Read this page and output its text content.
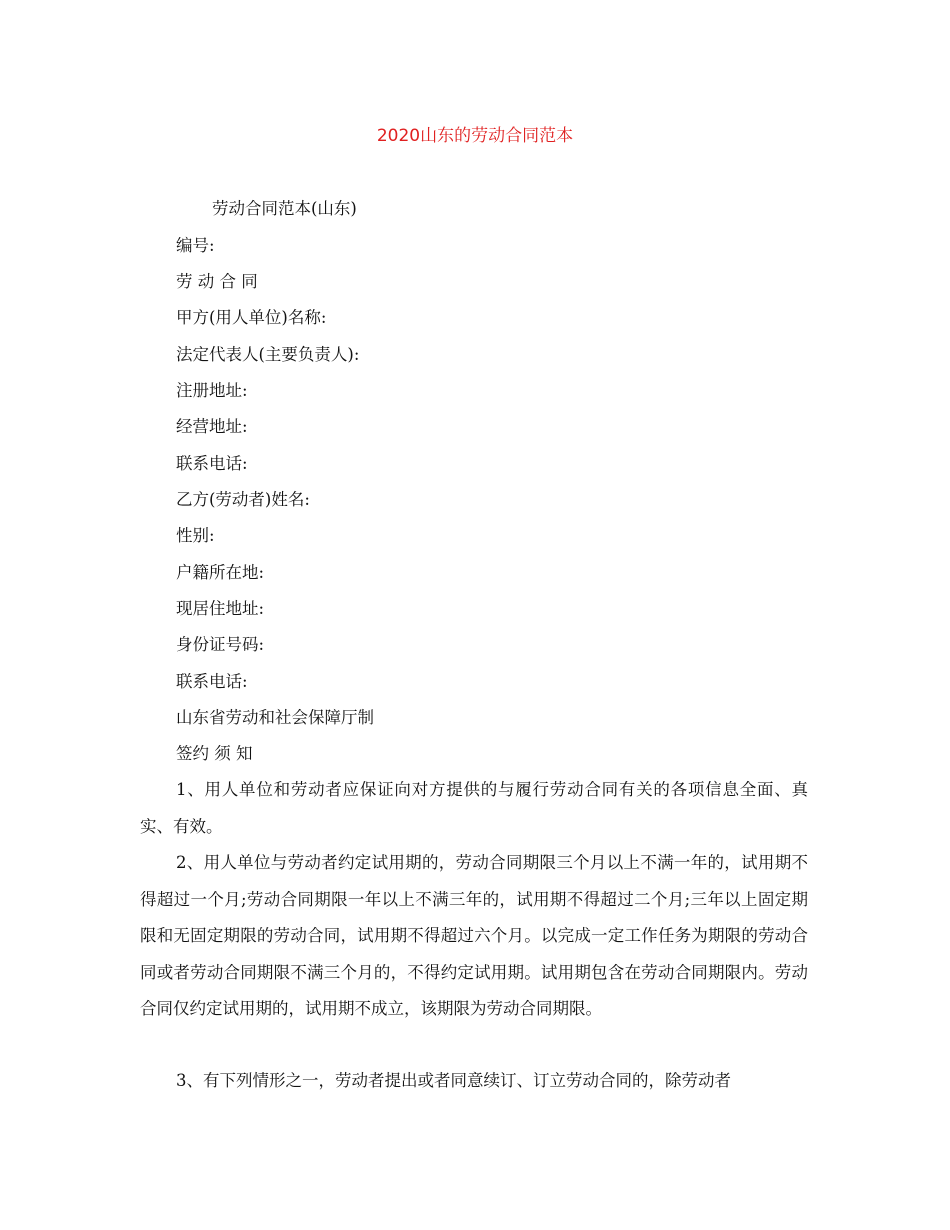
2020山东的劳动合同范本
劳动合同范本(山东)
编号:
劳 动 合 同
甲方(用人单位)名称:
法定代表人(主要负责人):
注册地址:
经营地址:
联系电话:
乙方(劳动者)姓名:
性别:
户籍所在地:
现居住地址:
身份证号码:
联系电话:
山东省劳动和社会保障厅制
签约 须 知
1、用人单位和劳动者应保证向对方提供的与履行劳动合同有关的各项信息全面、真实、有效。
2、用人单位与劳动者约定试用期的，劳动合同期限三个月以上不满一年的，试用期不得超过一个月;劳动合同期限一年以上不满三年的，试用期不得超过二个月;三年以上固定期限和无固定期限的劳动合同，试用期不得超过六个月。以完成一定工作任务为期限的劳动合同或者劳动合同期限不满三个月的，不得约定试用期。试用期包含在劳动合同期限内。劳动合同仅约定试用期的，试用期不成立，该期限为劳动合同期限。
3、有下列情形之一，劳动者提出或者同意续订、订立劳动合同的，除劳动者
